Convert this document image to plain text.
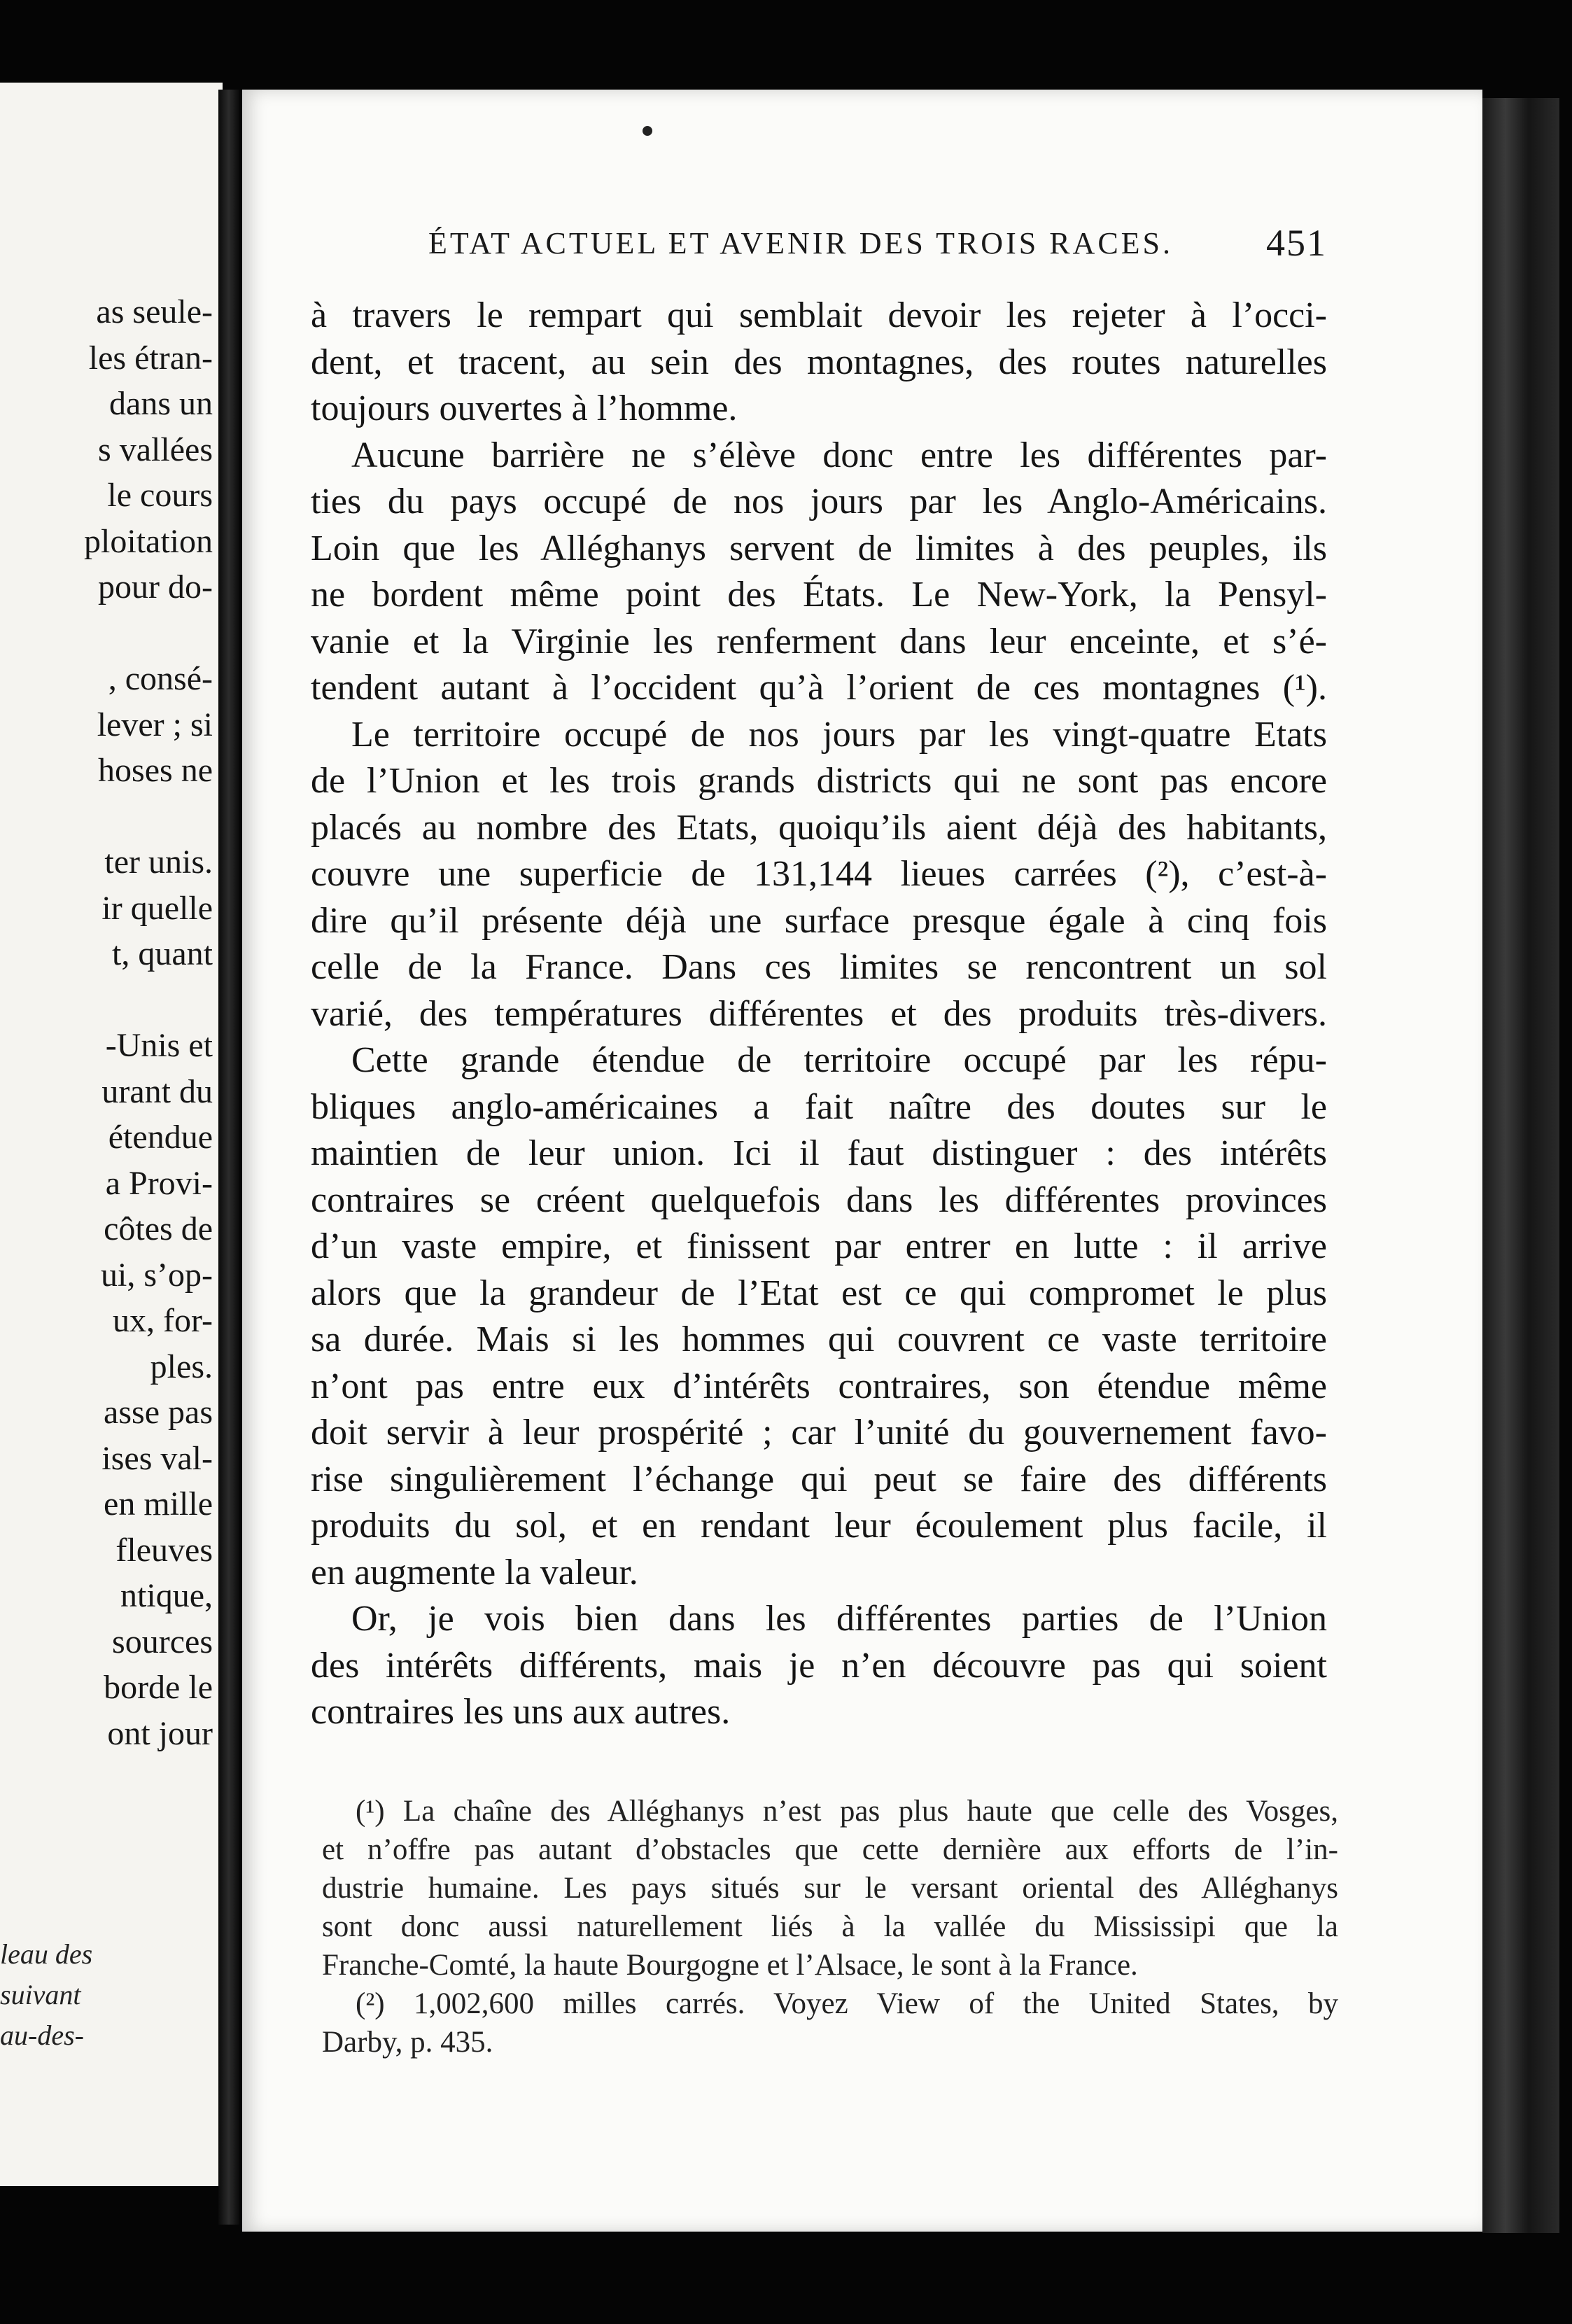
as seule-
les étran-
dans un
s vallées
le cours
ploitation
pour do-
, consé-
lever ; si
hoses ne
ter unis.
ir quelle
t, quant
-Unis et
urant du
étendue
a Provi-
côtes de
ui, s’op-
ux, for-
ples.
asse pas
ises val-
en mille
fleuves
ntique,
sources
borde le
ont jour
leau des
suivant
au-des-
ÉTAT ACTUEL ET AVENIR DES TROIS RACES. 451
à travers le rempart qui semblait devoir les rejeter à l’occi-
dent, et tracent, au sein des montagnes, des routes naturelles
toujours ouvertes à l’homme.
Aucune barrière ne s’élève donc entre les différentes par-
ties du pays occupé de nos jours par les Anglo-Américains.
Loin que les Alléghanys servent de limites à des peuples, ils
ne bordent même point des États. Le New-York, la Pensyl-
vanie et la Virginie les renferment dans leur enceinte, et s’é-
tendent autant à l’occident qu’à l’orient de ces montagnes (¹).
Le territoire occupé de nos jours par les vingt-quatre Etats
de l’Union et les trois grands districts qui ne sont pas encore
placés au nombre des Etats, quoiqu’ils aient déjà des habitants,
couvre une superficie de 131,144 lieues carrées (²), c’est-à-
dire qu’il présente déjà une surface presque égale à cinq fois
celle de la France. Dans ces limites se rencontrent un sol
varié, des températures différentes et des produits très-divers.
Cette grande étendue de territoire occupé par les répu-
bliques anglo-américaines a fait naître des doutes sur le
maintien de leur union. Ici il faut distinguer : des intérêts
contraires se créent quelquefois dans les différentes provinces
d’un vaste empire, et finissent par entrer en lutte : il arrive
alors que la grandeur de l’Etat est ce qui compromet le plus
sa durée. Mais si les hommes qui couvrent ce vaste territoire
n’ont pas entre eux d’intérêts contraires, son étendue même
doit servir à leur prospérité ; car l’unité du gouvernement favo-
rise singulièrement l’échange qui peut se faire des différents
produits du sol, et en rendant leur écoulement plus facile, il
en augmente la valeur.
Or, je vois bien dans les différentes parties de l’Union
des intérêts différents, mais je n’en découvre pas qui soient
contraires les uns aux autres.
(¹) La chaîne des Alléghanys n’est pas plus haute que celle des Vosges,
et n’offre pas autant d’obstacles que cette dernière aux efforts de l’in-
dustrie humaine. Les pays situés sur le versant oriental des Alléghanys
sont donc aussi naturellement liés à la vallée du Mississipi que la
Franche-Comté, la haute Bourgogne et l’Alsace, le sont à la France.
(²) 1,002,600 milles carrés. Voyez View of the United States, by
Darby, p. 435.
